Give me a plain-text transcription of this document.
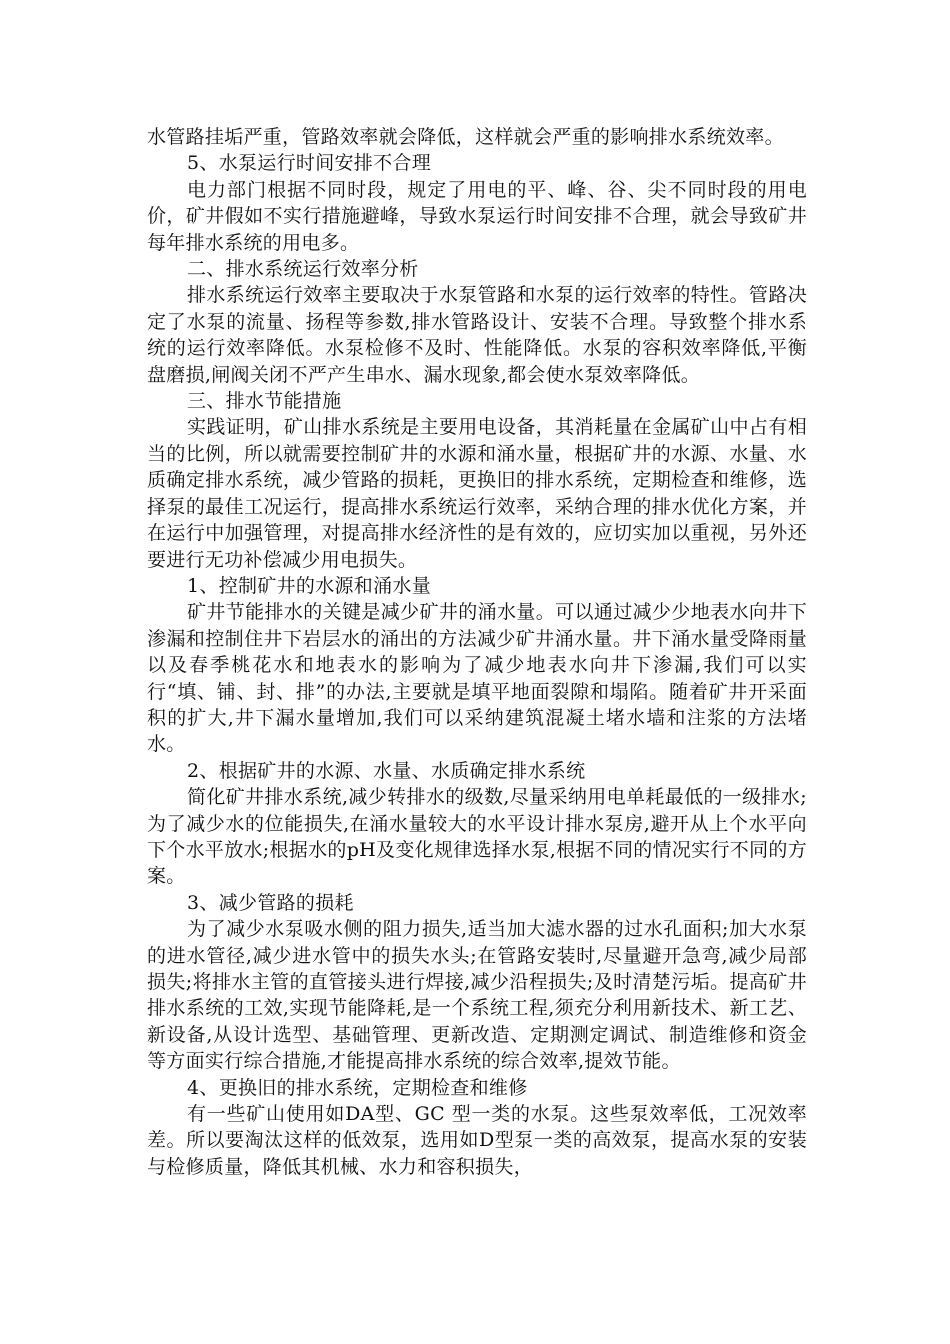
水管路挂垢严重，管路效率就会降低，这样就会严重的影响排水系统效率。

5、水泵运行时间安排不合理

电力部门根据不同时段，规定了用电的平、峰、谷、尖不同时段的用电价，矿井假如不实行措施避峰，导致水泵运行时间安排不合理，就会导致矿井每年排水系统的用电多。

二、排水系统运行效率分析

排水系统运行效率主要取决于水泵管路和水泵的运行效率的特性。管路决定了水泵的流量、扬程等参数,排水管路设计、安装不合理。导致整个排水系统的运行效率降低。水泵检修不及时、性能降低。水泵的容积效率降低,平衡盘磨损,闸阀关闭不严产生串水、漏水现象,都会使水泵效率降低。

三、排水节能措施

实践证明，矿山排水系统是主要用电设备，其消耗量在金属矿山中占有相当的比例，所以就需要控制矿井的水源和涌水量，根据矿井的水源、水量、水质确定排水系统，减少管路的损耗，更换旧的排水系统，定期检查和维修，选择泵的最佳工况运行，提高排水系统运行效率，采纳合理的排水优化方案，并在运行中加强管理，对提高排水经济性的是有效的，应切实加以重视，另外还要进行无功补偿减少用电损失。

1、控制矿井的水源和涌水量

矿井节能排水的关键是减少矿井的涌水量。可以通过减少少地表水向井下渗漏和控制住井下岩层水的涌出的方法减少矿井涌水量。井下涌水量受降雨量以及春季桃花水和地表水的影响为了减少地表水向井下渗漏,我们可以实行“填、铺、封、排”的办法,主要就是填平地面裂隙和塌陷。随着矿井开采面积的扩大,井下漏水量增加,我们可以采纳建筑混凝土堵水墙和注浆的方法堵水。

2、根据矿井的水源、水量、水质确定排水系统

简化矿井排水系统,减少转排水的级数,尽量采纳用电单耗最低的一级排水;为了减少水的位能损失,在涌水量较大的水平设计排水泵房,避开从上个水平向下个水平放水;根据水的pH及变化规律选择水泵,根据不同的情况实行不同的方案。

3、减少管路的损耗

为了减少水泵吸水侧的阻力损失,适当加大滤水器的过水孔面积;加大水泵的进水管径,减少进水管中的损失水头;在管路安装时,尽量避开急弯,减少局部损失;将排水主管的直管接头进行焊接,减少沿程损失;及时清楚污垢。提高矿井排水系统的工效,实现节能降耗,是一个系统工程,须充分利用新技术、新工艺、新设备,从设计选型、基础管理、更新改造、定期测定调试、制造维修和资金等方面实行综合措施,才能提高排水系统的综合效率,提效节能。

4、更换旧的排水系统，定期检查和维修

有一些矿山使用如DA型、GC 型一类的水泵。这些泵效率低，工况效率差。所以要淘汰这样的低效泵，选用如D型泵一类的高效泵，提高水泵的安装与检修质量，降低其机械、水力和容积损失，
